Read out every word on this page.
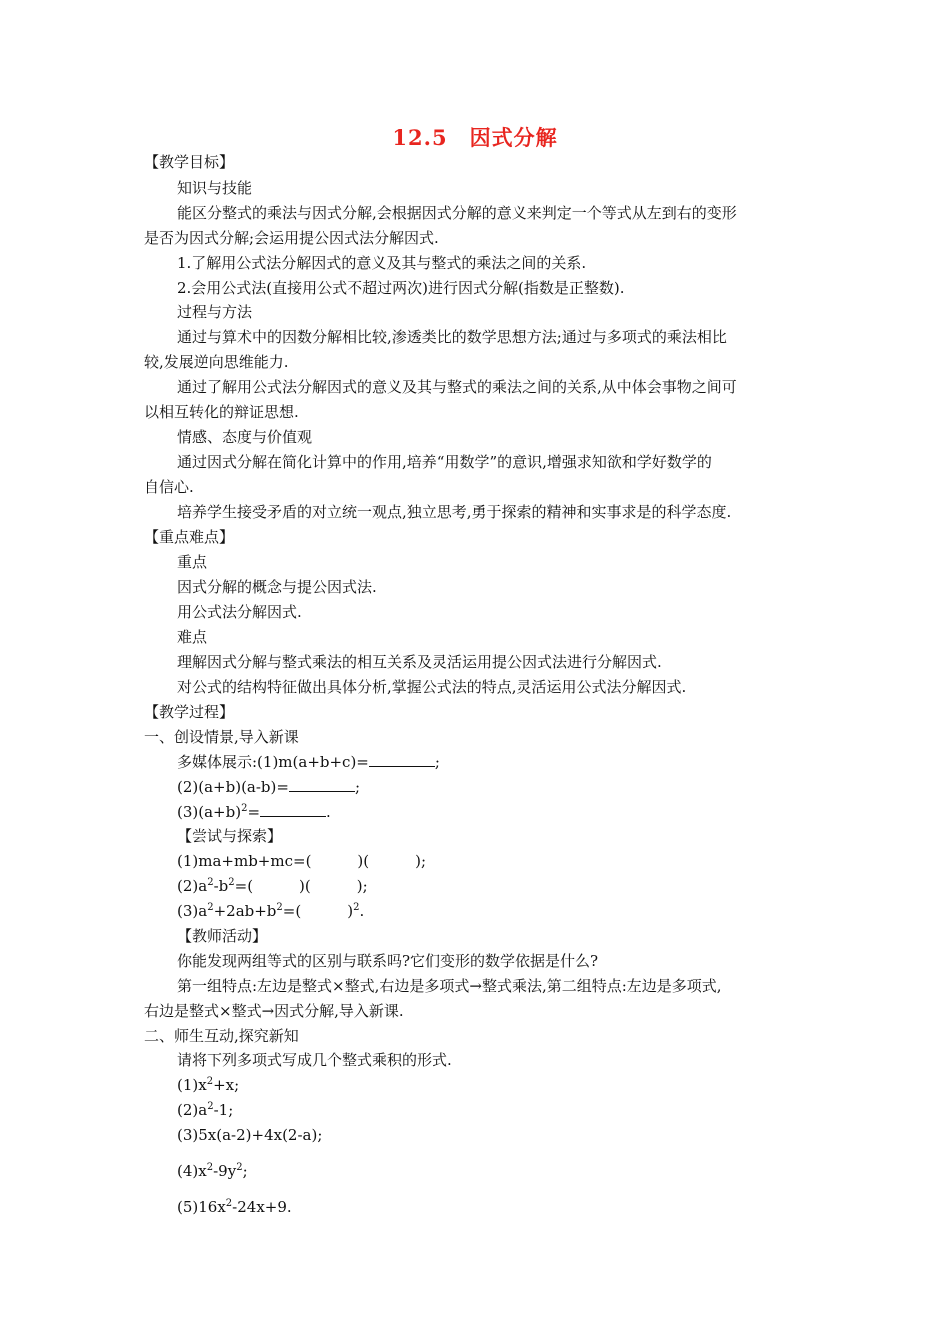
12.5　因式分解
【教学目标】
知识与技能
能区分整式的乘法与因式分解,会根据因式分解的意义来判定一个等式从左到右的变形
是否为因式分解;会运用提公因式法分解因式.
1.了解用公式法分解因式的意义及其与整式的乘法之间的关系.
2.会用公式法(直接用公式不超过两次)进行因式分解(指数是正整数).
过程与方法
通过与算术中的因数分解相比较,渗透类比的数学思想方法;通过与多项式的乘法相比
较,发展逆向思维能力.
通过了解用公式法分解因式的意义及其与整式的乘法之间的关系,从中体会事物之间可
以相互转化的辩证思想.
情感、态度与价值观
通过因式分解在简化计算中的作用,培养“用数学”的意识,增强求知欲和学好数学的
自信心.
培养学生接受矛盾的对立统一观点,独立思考,勇于探索的精神和实事求是的科学态度.
【重点难点】
重点
因式分解的概念与提公因式法.
用公式法分解因式.
难点
理解因式分解与整式乘法的相互关系及灵活运用提公因式法进行分解因式.
对公式的结构特征做出具体分析,掌握公式法的特点,灵活运用公式法分解因式.
【教学过程】
一、创设情景,导入新课
多媒体展示:(1)m(a+b+c)=	;
(2)(a+b)(a-b)=	;
$(3)(a+b)^2=$	.
【尝试与探索】
(1)ma+mb+mc=(	)(	);
$(2)a^2-b^2=$(	)(	);
$(3)a^2+2ab+b^2=$(	)$^2$.
【教师活动】
你能发现两组等式的区别与联系吗?它们变形的数学依据是什么?
第一组特点:左边是整式×整式,右边是多项式→整式乘法,第二组特点:左边是多项式,
右边是整式×整式→因式分解,导入新课.
二、师生互动,探究新知
请将下列多项式写成几个整式乘积的形式.
$(1)x^2+x$;
$(2)a^2-1$;
(3)5x(a-2)+4x(2-a);
$(4)x^2-9y^2$;
$(5)16x^2-24x+9$.
